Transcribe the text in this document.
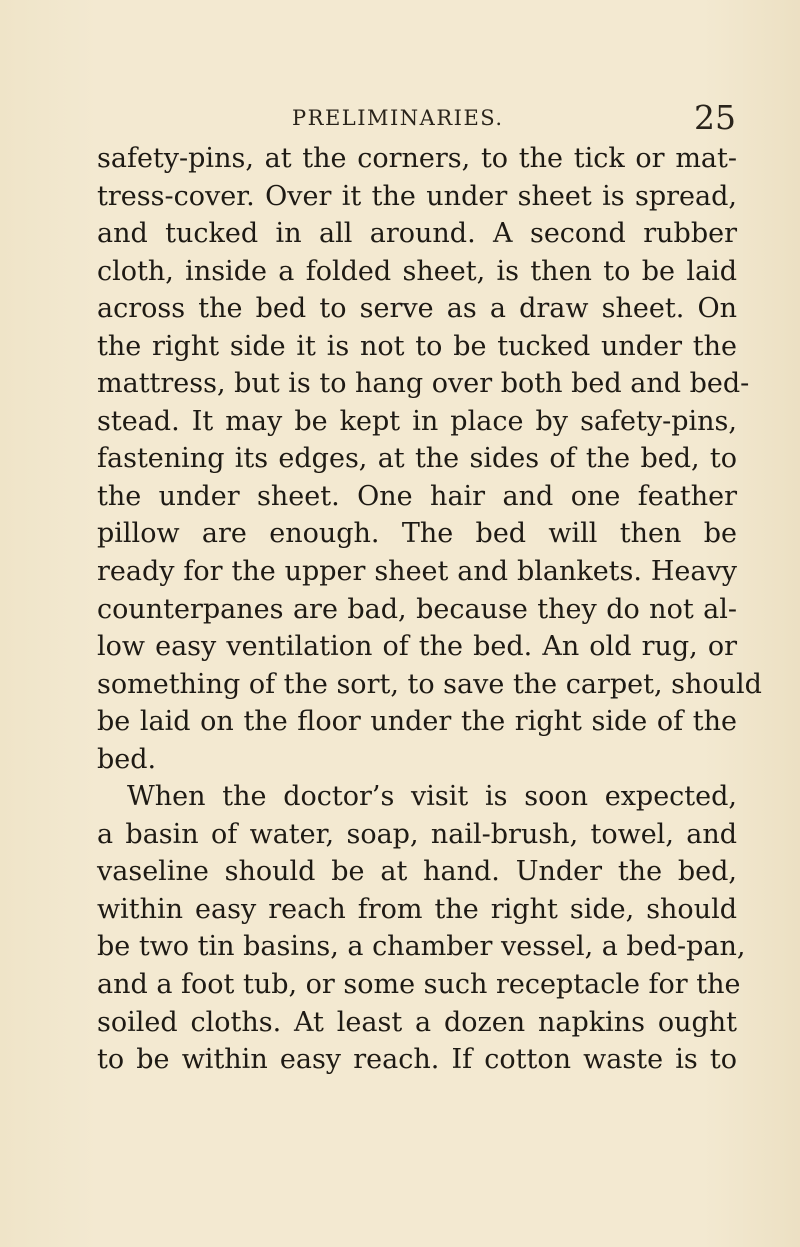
PRELIMINARIES.	25
safety-pins, at the corners, to the tick or mat-
tress-cover. Over it the under sheet is spread,
and tucked in all around. A second rubber
cloth, inside a folded sheet, is then to be laid
across the bed to serve as a draw sheet. On
the right side it is not to be tucked under the
mattress, but is to hang over both bed and bed-
stead. It may be kept in place by safety-pins,
fastening its edges, at the sides of the bed, to
the under sheet. One hair and one feather
pillow are enough. The bed will then be
ready for the upper sheet and blankets. Heavy
counterpanes are bad, because they do not al-
low easy ventilation of the bed. An old rug, or
something of the sort, to save the carpet, should
be laid on the floor under the right side of the
bed.
When the doctor’s visit is soon expected,
a basin of water, soap, nail-brush, towel, and
vaseline should be at hand. Under the bed,
within easy reach from the right side, should
be two tin basins, a chamber vessel, a bed-pan,
and a foot tub, or some such receptacle for the
soiled cloths. At least a dozen napkins ought
to be within easy reach. If cotton waste is to
